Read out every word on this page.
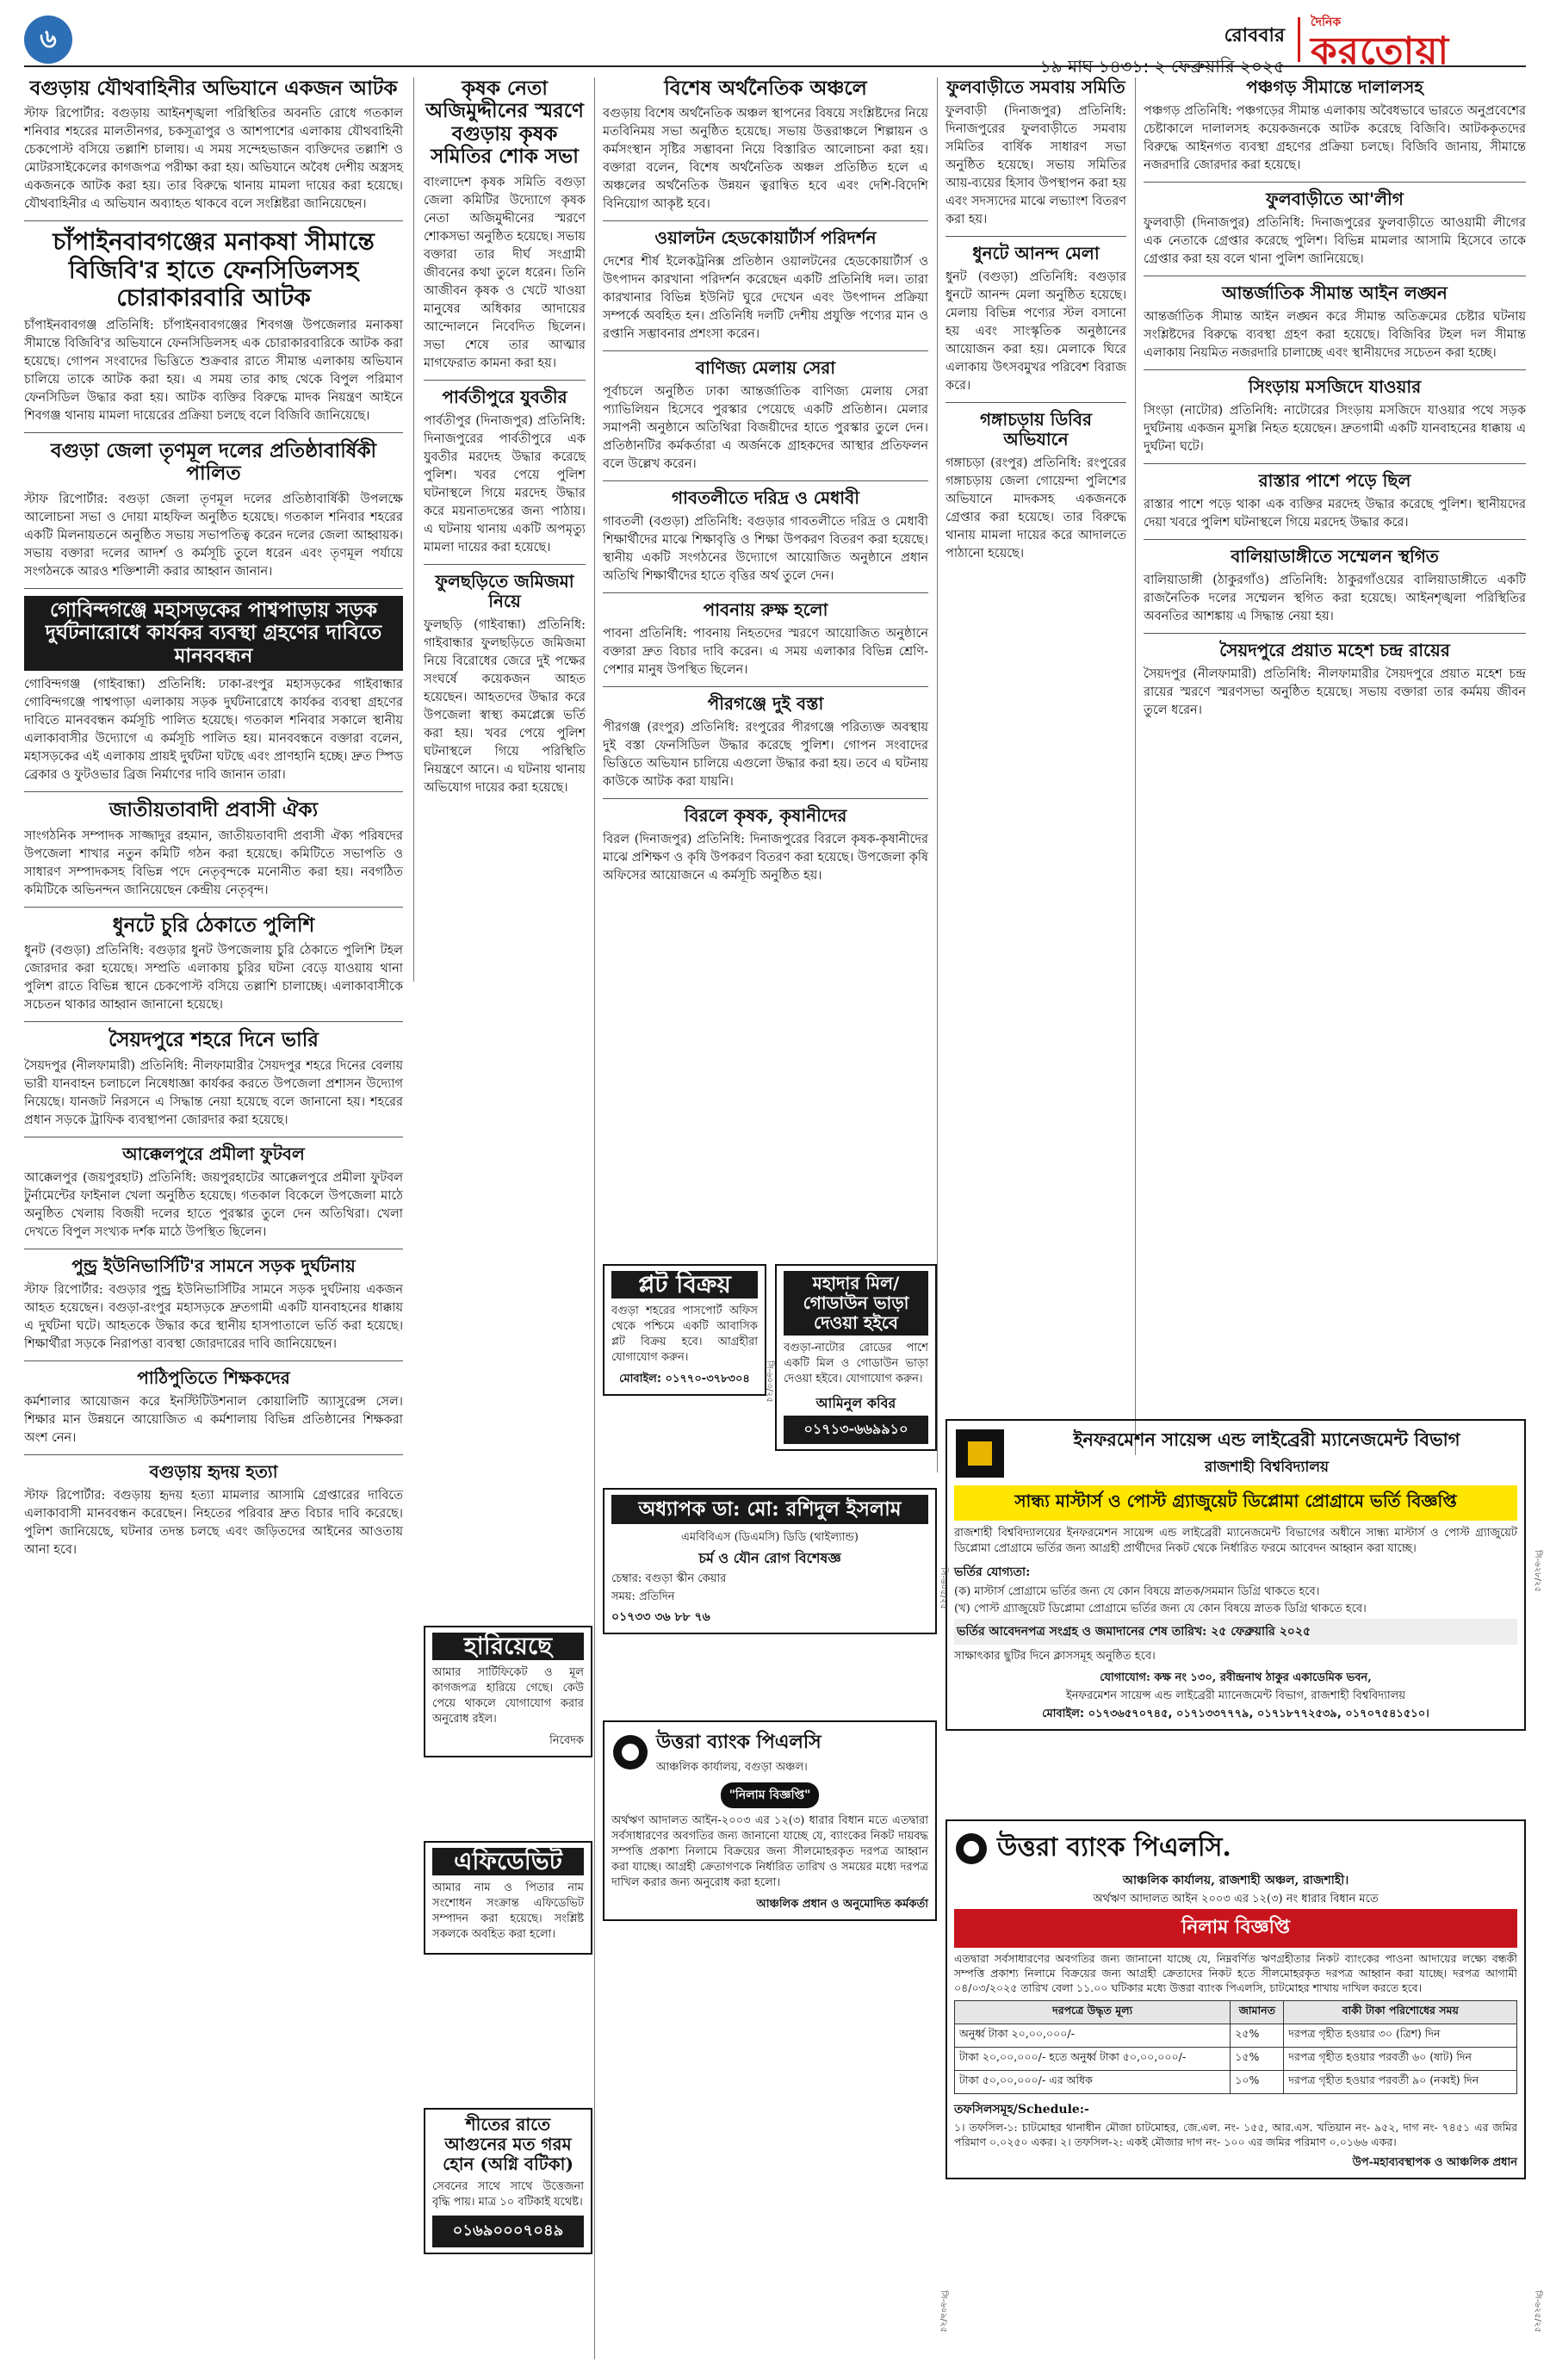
৬	রোববার
১৯ মাঘ ১৪৩১: ২ ফেব্রুয়ারি ২০২৫
দৈনিক
করতোয়া
বগুড়ায় যৌথবাহিনীর অভিযানে একজন আটক

স্টাফ রিপোর্টার: বগুড়ায় আইনশৃঙ্খলা পরিস্থিতির অবনতি রোধে গতকাল শনিবার শহরের মালতীনগর, চকসূত্রাপুর ও আশপাশের এলাকায় যৌথবাহিনী চেকপোস্ট বসিয়ে তল্লাশি চালায়। এ সময় সন্দেহভাজন ব্যক্তিদের তল্লাশি ও মোটরসাইকেলের কাগজপত্র পরীক্ষা করা হয়। অভিযানে অবৈধ দেশীয় অস্ত্রসহ একজনকে আটক করা হয়। তার বিরুদ্ধে থানায় মামলা দায়ের করা হয়েছে। যৌথবাহিনীর এ অভিযান অব্যাহত থাকবে বলে সংশ্লিষ্টরা জানিয়েছেন।

চাঁপাইনবাবগঞ্জের মনাকষা সীমান্তে বিজিবি'র হাতে ফেনসিডিলসহ চোরাকারবারি আটক

চাঁপাইনবাবগঞ্জ প্রতিনিধি: চাঁপাইনবাবগঞ্জের শিবগঞ্জ উপজেলার মনাকষা সীমান্তে বিজিবি'র অভিযানে ফেনসিডিলসহ এক চোরাকারবারিকে আটক করা হয়েছে। গোপন সংবাদের ভিত্তিতে শুক্রবার রাতে সীমান্ত এলাকায় অভিযান চালিয়ে তাকে আটক করা হয়। এ সময় তার কাছ থেকে বিপুল পরিমাণ ফেনসিডিল উদ্ধার করা হয়। আটক ব্যক্তির বিরুদ্ধে মাদক নিয়ন্ত্রণ আইনে শিবগঞ্জ থানায় মামলা দায়েরের প্রক্রিয়া চলছে বলে বিজিবি জানিয়েছে।

বগুড়া জেলা তৃণমূল দলের প্রতিষ্ঠাবার্ষিকী পালিত

স্টাফ রিপোর্টার: বগুড়া জেলা তৃণমূল দলের প্রতিষ্ঠাবার্ষিকী উপলক্ষে আলোচনা সভা ও দোয়া মাহফিল অনুষ্ঠিত হয়েছে। গতকাল শনিবার শহরের একটি মিলনায়তনে অনুষ্ঠিত সভায় সভাপতিত্ব করেন দলের জেলা আহ্বায়ক। সভায় বক্তারা দলের আদর্শ ও কর্মসূচি তুলে ধরেন এবং তৃণমূল পর্যায়ে সংগঠনকে আরও শক্তিশালী করার আহ্বান জানান।

গোবিন্দগঞ্জে মহাসড়কের পাশ্বপাড়ায় সড়ক দুর্ঘটনারোধে কার্যকর ব্যবস্থা গ্রহণের দাবিতে মানববন্ধন

গোবিন্দগঞ্জ (গাইবান্ধা) প্রতিনিধি: ঢাকা-রংপুর মহাসড়কের গাইবান্ধার গোবিন্দগঞ্জে পাশ্বপাড়া এলাকায় সড়ক দুর্ঘটনারোধে কার্যকর ব্যবস্থা গ্রহণের দাবিতে মানববন্ধন কর্মসূচি পালিত হয়েছে। গতকাল শনিবার সকালে স্থানীয় এলাকাবাসীর উদ্যোগে এ কর্মসূচি পালিত হয়। মানববন্ধনে বক্তারা বলেন, মহাসড়কের এই এলাকায় প্রায়ই দুর্ঘটনা ঘটছে এবং প্রাণহানি হচ্ছে। দ্রুত স্পিড ব্রেকার ও ফুটওভার ব্রিজ নির্মাণের দাবি জানান তারা।

জাতীয়তাবাদী প্রবাসী ঐক্য

সাংগঠনিক সম্পাদক সাজ্জাদুর রহমান, জাতীয়তাবাদী প্রবাসী ঐক্য পরিষদের উপজেলা শাখার নতুন কমিটি গঠন করা হয়েছে। কমিটিতে সভাপতি ও সাধারণ সম্পাদকসহ বিভিন্ন পদে নেতৃবৃন্দকে মনোনীত করা হয়। নবগঠিত কমিটিকে অভিনন্দন জানিয়েছেন কেন্দ্রীয় নেতৃবৃন্দ।

ধুনটে চুরি ঠেকাতে পুলিশি

ধুনট (বগুড়া) প্রতিনিধি: বগুড়ার ধুনট উপজেলায় চুরি ঠেকাতে পুলিশি টহল জোরদার করা হয়েছে। সম্প্রতি এলাকায় চুরির ঘটনা বেড়ে যাওয়ায় থানা পুলিশ রাতে বিভিন্ন স্থানে চেকপোস্ট বসিয়ে তল্লাশি চালাচ্ছে। এলাকাবাসীকে সচেতন থাকার আহ্বান জানানো হয়েছে।

সৈয়দপুরে শহরে দিনে ভারি

সৈয়দপুর (নীলফামারী) প্রতিনিধি: নীলফামারীর সৈয়দপুর শহরে দিনের বেলায় ভারী যানবাহন চলাচলে নিষেধাজ্ঞা কার্যকর করতে উপজেলা প্রশাসন উদ্যোগ নিয়েছে। যানজট নিরসনে এ সিদ্ধান্ত নেয়া হয়েছে বলে জানানো হয়। শহরের প্রধান সড়কে ট্রাফিক ব্যবস্থাপনা জোরদার করা হয়েছে।

আক্কেলপুরে প্রমীলা ফুটবল

আক্কেলপুর (জয়পুরহাট) প্রতিনিধি: জয়পুরহাটের আক্কেলপুরে প্রমীলা ফুটবল টুর্নামেন্টের ফাইনাল খেলা অনুষ্ঠিত হয়েছে। গতকাল বিকেলে উপজেলা মাঠে অনুষ্ঠিত খেলায় বিজয়ী দলের হাতে পুরস্কার তুলে দেন অতিথিরা। খেলা দেখতে বিপুল সংখ্যক দর্শক মাঠে উপস্থিত ছিলেন।

পুন্ড্র ইউনিভার্সিটি'র সামনে সড়ক দুর্ঘটনায়

স্টাফ রিপোর্টার: বগুড়ার পুন্ড্র ইউনিভার্সিটির সামনে সড়ক দুর্ঘটনায় একজন আহত হয়েছেন। বগুড়া-রংপুর মহাসড়কে দ্রুতগামী একটি যানবাহনের ধাক্কায় এ দুর্ঘটনা ঘটে। আহতকে উদ্ধার করে স্থানীয় হাসপাতালে ভর্তি করা হয়েছে। শিক্ষার্থীরা সড়কে নিরাপত্তা ব্যবস্থা জোরদারের দাবি জানিয়েছেন।

পাঠিপুতিতে শিক্ষকদের

কর্মশালার আয়োজন করে ইনস্টিটিউশনাল কোয়ালিটি অ্যাসুরেন্স সেল। শিক্ষার মান উন্নয়নে আয়োজিত এ কর্মশালায় বিভিন্ন প্রতিষ্ঠানের শিক্ষকরা অংশ নেন।

বগুড়ায় হৃদয় হত্যা

স্টাফ রিপোর্টার: বগুড়ায় হৃদয় হত্যা মামলার আসামি গ্রেপ্তারের দাবিতে এলাকাবাসী মানববন্ধন করেছেন। নিহতের পরিবার দ্রুত বিচার দাবি করেছে। পুলিশ জানিয়েছে, ঘটনার তদন্ত চলছে এবং জড়িতদের আইনের আওতায় আনা হবে।

কৃষক নেতা অজিমুদ্দীনের স্মরণে বগুড়ায় কৃষক সমিতির শোক সভা

বাংলাদেশ কৃষক সমিতি বগুড়া জেলা কমিটির উদ্যোগে কৃষক নেতা অজিমুদ্দীনের স্মরণে শোকসভা অনুষ্ঠিত হয়েছে। সভায় বক্তারা তার দীর্ঘ সংগ্রামী জীবনের কথা তুলে ধরেন। তিনি আজীবন কৃষক ও খেটে খাওয়া মানুষের অধিকার আদায়ের আন্দোলনে নিবেদিত ছিলেন। সভা শেষে তার আত্মার মাগফেরাত কামনা করা হয়।

পার্বতীপুরে যুবতীর

পার্বতীপুর (দিনাজপুর) প্রতিনিধি: দিনাজপুরের পার্বতীপুরে এক যুবতীর মরদেহ উদ্ধার করেছে পুলিশ। খবর পেয়ে পুলিশ ঘটনাস্থলে গিয়ে মরদেহ উদ্ধার করে ময়নাতদন্তের জন্য পাঠায়। এ ঘটনায় থানায় একটি অপমৃত্যু মামলা দায়ের করা হয়েছে।

ফুলছড়িতে জমিজমা নিয়ে

ফুলছড়ি (গাইবান্ধা) প্রতিনিধি: গাইবান্ধার ফুলছড়িতে জমিজমা নিয়ে বিরোধের জেরে দুই পক্ষের সংঘর্ষে কয়েকজন আহত হয়েছেন। আহতদের উদ্ধার করে উপজেলা স্বাস্থ্য কমপ্লেক্সে ভর্তি করা হয়। খবর পেয়ে পুলিশ ঘটনাস্থলে গিয়ে পরিস্থিতি নিয়ন্ত্রণে আনে। এ ঘটনায় থানায় অভিযোগ দায়ের করা হয়েছে।

বিশেষ অর্থনৈতিক অঞ্চলে

বগুড়ায় বিশেষ অর্থনৈতিক অঞ্চল স্থাপনের বিষয়ে সংশ্লিষ্টদের নিয়ে মতবিনিময় সভা অনুষ্ঠিত হয়েছে। সভায় উত্তরাঞ্চলে শিল্পায়ন ও কর্মসংস্থান সৃষ্টির সম্ভাবনা নিয়ে বিস্তারিত আলোচনা করা হয়। বক্তারা বলেন, বিশেষ অর্থনৈতিক অঞ্চল প্রতিষ্ঠিত হলে এ অঞ্চলের অর্থনৈতিক উন্নয়ন ত্বরান্বিত হবে এবং দেশি-বিদেশি বিনিয়োগ আকৃষ্ট হবে।

ওয়ালটন হেডকোয়ার্টার্স পরিদর্শন

দেশের শীর্ষ ইলেকট্রনিক্স প্রতিষ্ঠান ওয়ালটনের হেডকোয়ার্টার্স ও উৎপাদন কারখানা পরিদর্শন করেছেন একটি প্রতিনিধি দল। তারা কারখানার বিভিন্ন ইউনিট ঘুরে দেখেন এবং উৎপাদন প্রক্রিয়া সম্পর্কে অবহিত হন। প্রতিনিধি দলটি দেশীয় প্রযুক্তি পণ্যের মান ও রপ্তানি সম্ভাবনার প্রশংসা করেন।

বাণিজ্য মেলায় সেরা

পূর্বাচলে অনুষ্ঠিত ঢাকা আন্তর্জাতিক বাণিজ্য মেলায় সেরা প্যাভিলিয়ন হিসেবে পুরস্কার পেয়েছে একটি প্রতিষ্ঠান। মেলার সমাপনী অনুষ্ঠানে অতিথিরা বিজয়ীদের হাতে পুরস্কার তুলে দেন। প্রতিষ্ঠানটির কর্মকর্তারা এ অর্জনকে গ্রাহকদের আস্থার প্রতিফলন বলে উল্লেখ করেন।

গাবতলীতে দরিদ্র ও মেধাবী

গাবতলী (বগুড়া) প্রতিনিধি: বগুড়ার গাবতলীতে দরিদ্র ও মেধাবী শিক্ষার্থীদের মাঝে শিক্ষাবৃত্তি ও শিক্ষা উপকরণ বিতরণ করা হয়েছে। স্থানীয় একটি সংগঠনের উদ্যোগে আয়োজিত অনুষ্ঠানে প্রধান অতিথি শিক্ষার্থীদের হাতে বৃত্তির অর্থ তুলে দেন।

পাবনায় রুক্ষ হলো

পাবনা প্রতিনিধি: পাবনায় নিহতদের স্মরণে আয়োজিত অনুষ্ঠানে বক্তারা দ্রুত বিচার দাবি করেন। এ সময় এলাকার বিভিন্ন শ্রেণি-পেশার মানুষ উপস্থিত ছিলেন।

পীরগঞ্জে দুই বস্তা

পীরগঞ্জ (রংপুর) প্রতিনিধি: রংপুরের পীরগঞ্জে পরিত্যক্ত অবস্থায় দুই বস্তা ফেনসিডিল উদ্ধার করেছে পুলিশ। গোপন সংবাদের ভিত্তিতে অভিযান চালিয়ে এগুলো উদ্ধার করা হয়। তবে এ ঘটনায় কাউকে আটক করা যায়নি।

বিরলে কৃষক, কৃষানীদের

বিরল (দিনাজপুর) প্রতিনিধি: দিনাজপুরের বিরলে কৃষক-কৃষানীদের মাঝে প্রশিক্ষণ ও কৃষি উপকরণ বিতরণ করা হয়েছে। উপজেলা কৃষি অফিসের আয়োজনে এ কর্মসূচি অনুষ্ঠিত হয়।

ফুলবাড়ীতে সমবায় সমিতি

ফুলবাড়ী (দিনাজপুর) প্রতিনিধি: দিনাজপুরের ফুলবাড়ীতে সমবায় সমিতির বার্ষিক সাধারণ সভা অনুষ্ঠিত হয়েছে। সভায় সমিতির আয়-ব্যয়ের হিসাব উপস্থাপন করা হয় এবং সদস্যদের মাঝে লভ্যাংশ বিতরণ করা হয়।

ধুনটে আনন্দ মেলা

ধুনট (বগুড়া) প্রতিনিধি: বগুড়ার ধুনটে আনন্দ মেলা অনুষ্ঠিত হয়েছে। মেলায় বিভিন্ন পণ্যের স্টল বসানো হয় এবং সাংস্কৃতিক অনুষ্ঠানের আয়োজন করা হয়। মেলাকে ঘিরে এলাকায় উৎসবমুখর পরিবেশ বিরাজ করে।

গঙ্গাচড়ায় ডিবির অভিযানে

গঙ্গাচড়া (রংপুর) প্রতিনিধি: রংপুরের গঙ্গাচড়ায় জেলা গোয়েন্দা পুলিশের অভিযানে মাদকসহ একজনকে গ্রেপ্তার করা হয়েছে। তার বিরুদ্ধে থানায় মামলা দায়ের করে আদালতে পাঠানো হয়েছে।

পঞ্চগড় সীমান্তে দালালসহ

পঞ্চগড় প্রতিনিধি: পঞ্চগড়ের সীমান্ত এলাকায় অবৈধভাবে ভারতে অনুপ্রবেশের চেষ্টাকালে দালালসহ কয়েকজনকে আটক করেছে বিজিবি। আটককৃতদের বিরুদ্ধে আইনগত ব্যবস্থা গ্রহণের প্রক্রিয়া চলছে। বিজিবি জানায়, সীমান্তে নজরদারি জোরদার করা হয়েছে।

ফুলবাড়ীতে আ'লীগ

ফুলবাড়ী (দিনাজপুর) প্রতিনিধি: দিনাজপুরের ফুলবাড়ীতে আওয়ামী লীগের এক নেতাকে গ্রেপ্তার করেছে পুলিশ। বিভিন্ন মামলার আসামি হিসেবে তাকে গ্রেপ্তার করা হয় বলে থানা পুলিশ জানিয়েছে।

আন্তর্জাতিক সীমান্ত আইন লঙ্ঘন

আন্তর্জাতিক সীমান্ত আইন লঙ্ঘন করে সীমান্ত অতিক্রমের চেষ্টার ঘটনায় সংশ্লিষ্টদের বিরুদ্ধে ব্যবস্থা গ্রহণ করা হয়েছে। বিজিবির টহল দল সীমান্ত এলাকায় নিয়মিত নজরদারি চালাচ্ছে এবং স্থানীয়দের সচেতন করা হচ্ছে।

সিংড়ায় মসজিদে যাওয়ার

সিংড়া (নাটোর) প্রতিনিধি: নাটোরের সিংড়ায় মসজিদে যাওয়ার পথে সড়ক দুর্ঘটনায় একজন মুসল্লি নিহত হয়েছেন। দ্রুতগামী একটি যানবাহনের ধাক্কায় এ দুর্ঘটনা ঘটে।

রাস্তার পাশে পড়ে ছিল

রাস্তার পাশে পড়ে থাকা এক ব্যক্তির মরদেহ উদ্ধার করেছে পুলিশ। স্থানীয়দের দেয়া খবরে পুলিশ ঘটনাস্থলে গিয়ে মরদেহ উদ্ধার করে।

বালিয়াডাঙ্গীতে সম্মেলন স্থগিত

বালিয়াডাঙ্গী (ঠাকুরগাঁও) প্রতিনিধি: ঠাকুরগাঁওয়ের বালিয়াডাঙ্গীতে একটি রাজনৈতিক দলের সম্মেলন স্থগিত করা হয়েছে। আইনশৃঙ্খলা পরিস্থিতির অবনতির আশঙ্কায় এ সিদ্ধান্ত নেয়া হয়।

সৈয়দপুরে প্রয়াত মহেশ চন্দ্র রায়ের

সৈয়দপুর (নীলফামারী) প্রতিনিধি: নীলফামারীর সৈয়দপুরে প্রয়াত মহেশ চন্দ্র রায়ের স্মরণে স্মরণসভা অনুষ্ঠিত হয়েছে। সভায় বক্তারা তার কর্মময় জীবন তুলে ধরেন।

প্লট বিক্রয়

বগুড়া শহরের পাসপোর্ট অফিস থেকে পশ্চিমে একটি আবাসিক প্লট বিক্রয় হবে। আগ্রহীরা যোগাযোগ করুন।

মোবাইল: ০১৭৭০-৩৭৮৩০৪
মহাদার মিল/গোডাউন ভাড়া দেওয়া হইবে

বগুড়া-নাটোর রোডের পাশে একটি মিল ও গোডাউন ভাড়া দেওয়া হইবে। যোগাযোগ করুন।

আমিনুল কবির
০১৭১৩-৬৬৯৯১০
অধ্যাপক ডা: মো: রশিদুল ইসলাম
এমবিবিএস (ডিএমসি) ডিডি (থাইল্যান্ড)
চর্ম ও যৌন রোগ বিশেষজ্ঞ
চেম্বার: বগুড়া স্কীন কেয়ার
সময়: প্রতিদিন
০১৭৩৩ ৩৬ ৮৮ ৭৬
হারিয়েছে

আমার সার্টিফিকেট ও মূল কাগজপত্র হারিয়ে গেছে। কেউ পেয়ে থাকলে যোগাযোগ করার অনুরোধ রইল।

নিবেদক
এফিডেভিট

আমার নাম ও পিতার নাম সংশোধন সংক্রান্ত এফিডেভিট সম্পাদন করা হয়েছে। সংশ্লিষ্ট সকলকে অবহিত করা হলো।

শীতের রাতে আগুনের মত গরম হোন (অগ্নি বটিকা)

সেবনের সাথে সাথে উত্তেজনা বৃদ্ধি পায়। মাত্র ১০ বটিকাই যথেষ্ট।

০১৬৯০০০৭০৪৯
উত্তরা ব্যাংক পিএলসি
আঞ্চলিক কার্যালয়, বগুড়া অঞ্চল।
"নিলাম বিজ্ঞপ্তি"

অর্থঋণ আদালত আইন-২০০৩ এর ১২(৩) ধারার বিধান মতে এতদ্বারা সর্বসাধারণের অবগতির জন্য জানানো যাচ্ছে যে, ব্যাংকের নিকট দায়বদ্ধ সম্পত্তি প্রকাশ্য নিলামে বিক্রয়ের জন্য সীলমোহরকৃত দরপত্র আহ্বান করা যাচ্ছে। আগ্রহী ক্রেতাগণকে নির্ধারিত তারিখ ও সময়ের মধ্যে দরপত্র দাখিল করার জন্য অনুরোধ করা হলো।

আঞ্চলিক প্রধান ও অনুমোদিত কর্মকর্তা
ইনফরমেশন সায়েন্স এন্ড লাইব্রেরী ম্যানেজমেন্ট বিভাগ
রাজশাহী বিশ্ববিদ্যালয়
সান্ধ্য মাস্টার্স ও পোস্ট গ্র্যাজুয়েট ডিপ্লোমা প্রোগ্রামে ভর্তি বিজ্ঞপ্তি

রাজশাহী বিশ্ববিদ্যালয়ের ইনফরমেশন সায়েন্স এন্ড লাইব্রেরী ম্যানেজমেন্ট বিভাগের অধীনে সান্ধ্য মাস্টার্স ও পোস্ট গ্র্যাজুয়েট ডিপ্লোমা প্রোগ্রামে ভর্তির জন্য আগ্রহী প্রার্থীদের নিকট থেকে নির্ধারিত ফরমে আবেদন আহ্বান করা যাচ্ছে।

ভর্তির যোগ্যতা:

(ক) মাস্টার্স প্রোগ্রামে ভর্তির জন্য যে কোন বিষয়ে স্নাতক/সমমান ডিগ্রি থাকতে হবে।

(খ) পোস্ট গ্র্যাজুয়েট ডিপ্লোমা প্রোগ্রামে ভর্তির জন্য যে কোন বিষয়ে স্নাতক ডিগ্রি থাকতে হবে।

ভর্তির আবেদনপত্র সংগ্রহ ও জমাদানের শেষ তারিখ: ২৫ ফেব্রুয়ারি ২০২৫
সাক্ষাৎকার ছুটির দিনে ক্লাসসমূহ অনুষ্ঠিত হবে।
যোগাযোগ: কক্ষ নং ১৩০, রবীন্দ্রনাথ ঠাকুর একাডেমিক ভবন,
ইনফরমেশন সায়েন্স এন্ড লাইব্রেরী ম্যানেজমেন্ট বিভাগ, রাজশাহী বিশ্ববিদ্যালয়
মোবাইল: ০১৭৩৬৫৭০৭৪৫, ০১৭১৩৩৭৭৭৯, ০১৭১৮৭৭২৫৩৯, ০১৭০৭৫৪১৫১০।
উত্তরা ব্যাংক পিএলসি.
আঞ্চলিক কার্যালয়, রাজশাহী অঞ্চল, রাজশাহী।
অর্থঋণ আদালত আইন ২০০৩ এর ১২(৩) নং ধারার বিধান মতে
নিলাম বিজ্ঞপ্তি

এতদ্বারা সর্বসাধারণের অবগতির জন্য জানানো যাচ্ছে যে, নিম্নবর্ণিত ঋণগ্রহীতার নিকট ব্যাংকের পাওনা আদায়ের লক্ষ্যে বন্ধকী সম্পত্তি প্রকাশ্য নিলামে বিক্রয়ের জন্য আগ্রহী ক্রেতাদের নিকট হতে সীলমোহরকৃত দরপত্র আহ্বান করা যাচ্ছে। দরপত্র আগামী ০৪/০৩/২০২৫ তারিখ বেলা ১১.০০ ঘটিকার মধ্যে উত্তরা ব্যাংক পিএলসি, চাটমোহর শাখায় দাখিল করতে হবে।

দরপত্রে উদ্ধৃত মূল্য	জামানত	বাকী টাকা পরিশোধের সময়
অনুর্ধ্ব টাকা ২০,০০,০০০/-	২৫%	দরপত্র গৃহীত হওয়ার ৩০ (ত্রিশ) দিন
টাকা ২০,০০,০০০/- হতে অনুর্ধ্ব টাকা ৫০,০০,০০০/-	১৫%	দরপত্র গৃহীত হওয়ার পরবর্তী ৬০ (ষাট) দিন
টাকা ৫০,০০,০০০/- এর অধিক	১০%	দরপত্র গৃহীত হওয়ার পরবর্তী ৯০ (নব্বই) দিন
তফসিলসমূহ/Schedule:-

১। তফসিল-১: চাটমোহর থানাধীন মৌজা চাটমোহর, জে.এল. নং- ১৫৫, আর.এস. খতিয়ান নং- ৯৫২, দাগ নং- ৭৪৫১ এর জমির পরিমাণ ০.০২৫০ একর। ২। তফসিল-২: একই মৌজার দাগ নং- ১০০ এর জমির পরিমাণ ০.০১৬৬ একর।

উপ-মহাব্যবস্থাপক ও আঞ্চলিক প্রধান
সি-৬০৩/২৫
সি-৬০৫/২৫
সি-৬০৯/২৫
সি-৬২৮/২৫
সি-৬২৫/২৫
